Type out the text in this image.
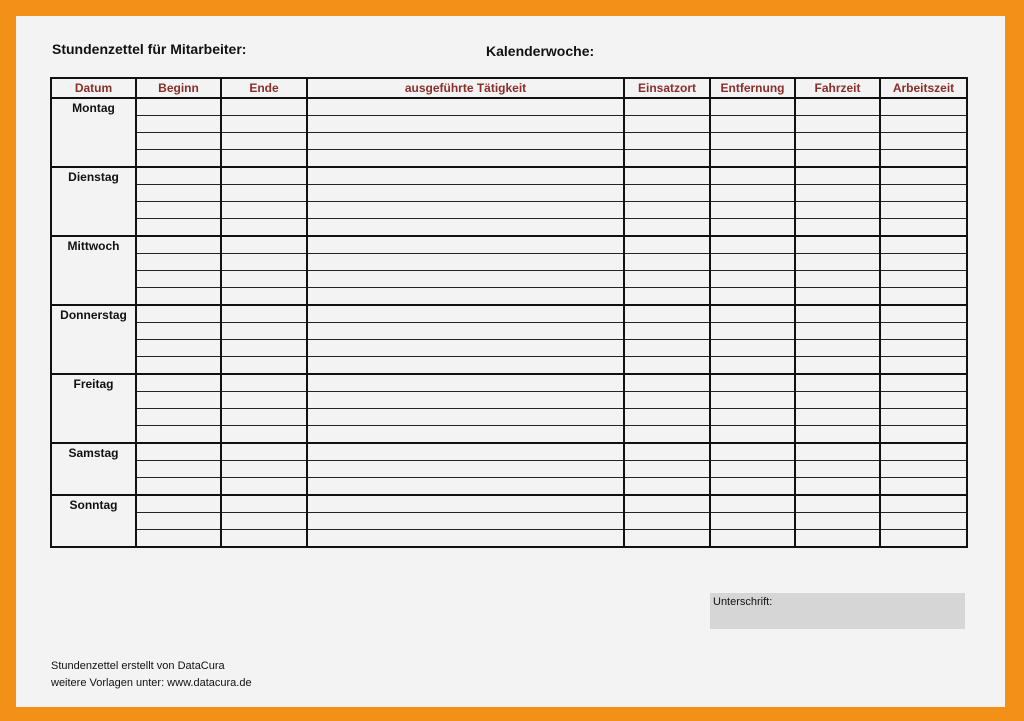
Stundenzettel für Mitarbeiter:	Kalenderwoche:
Datum	Beginn	Ende	ausgeführte Tätigkeit	Einsatzort	Entfernung	Fahrzeit	Arbeitszeit
Montag							

Dienstag							

Mittwoch							

Donnerstag							

Freitag							

Samstag							

Sonntag							

Unterschrift:
Stundenzettel erstellt von DataCura
weitere Vorlagen unter: www.datacura.de
